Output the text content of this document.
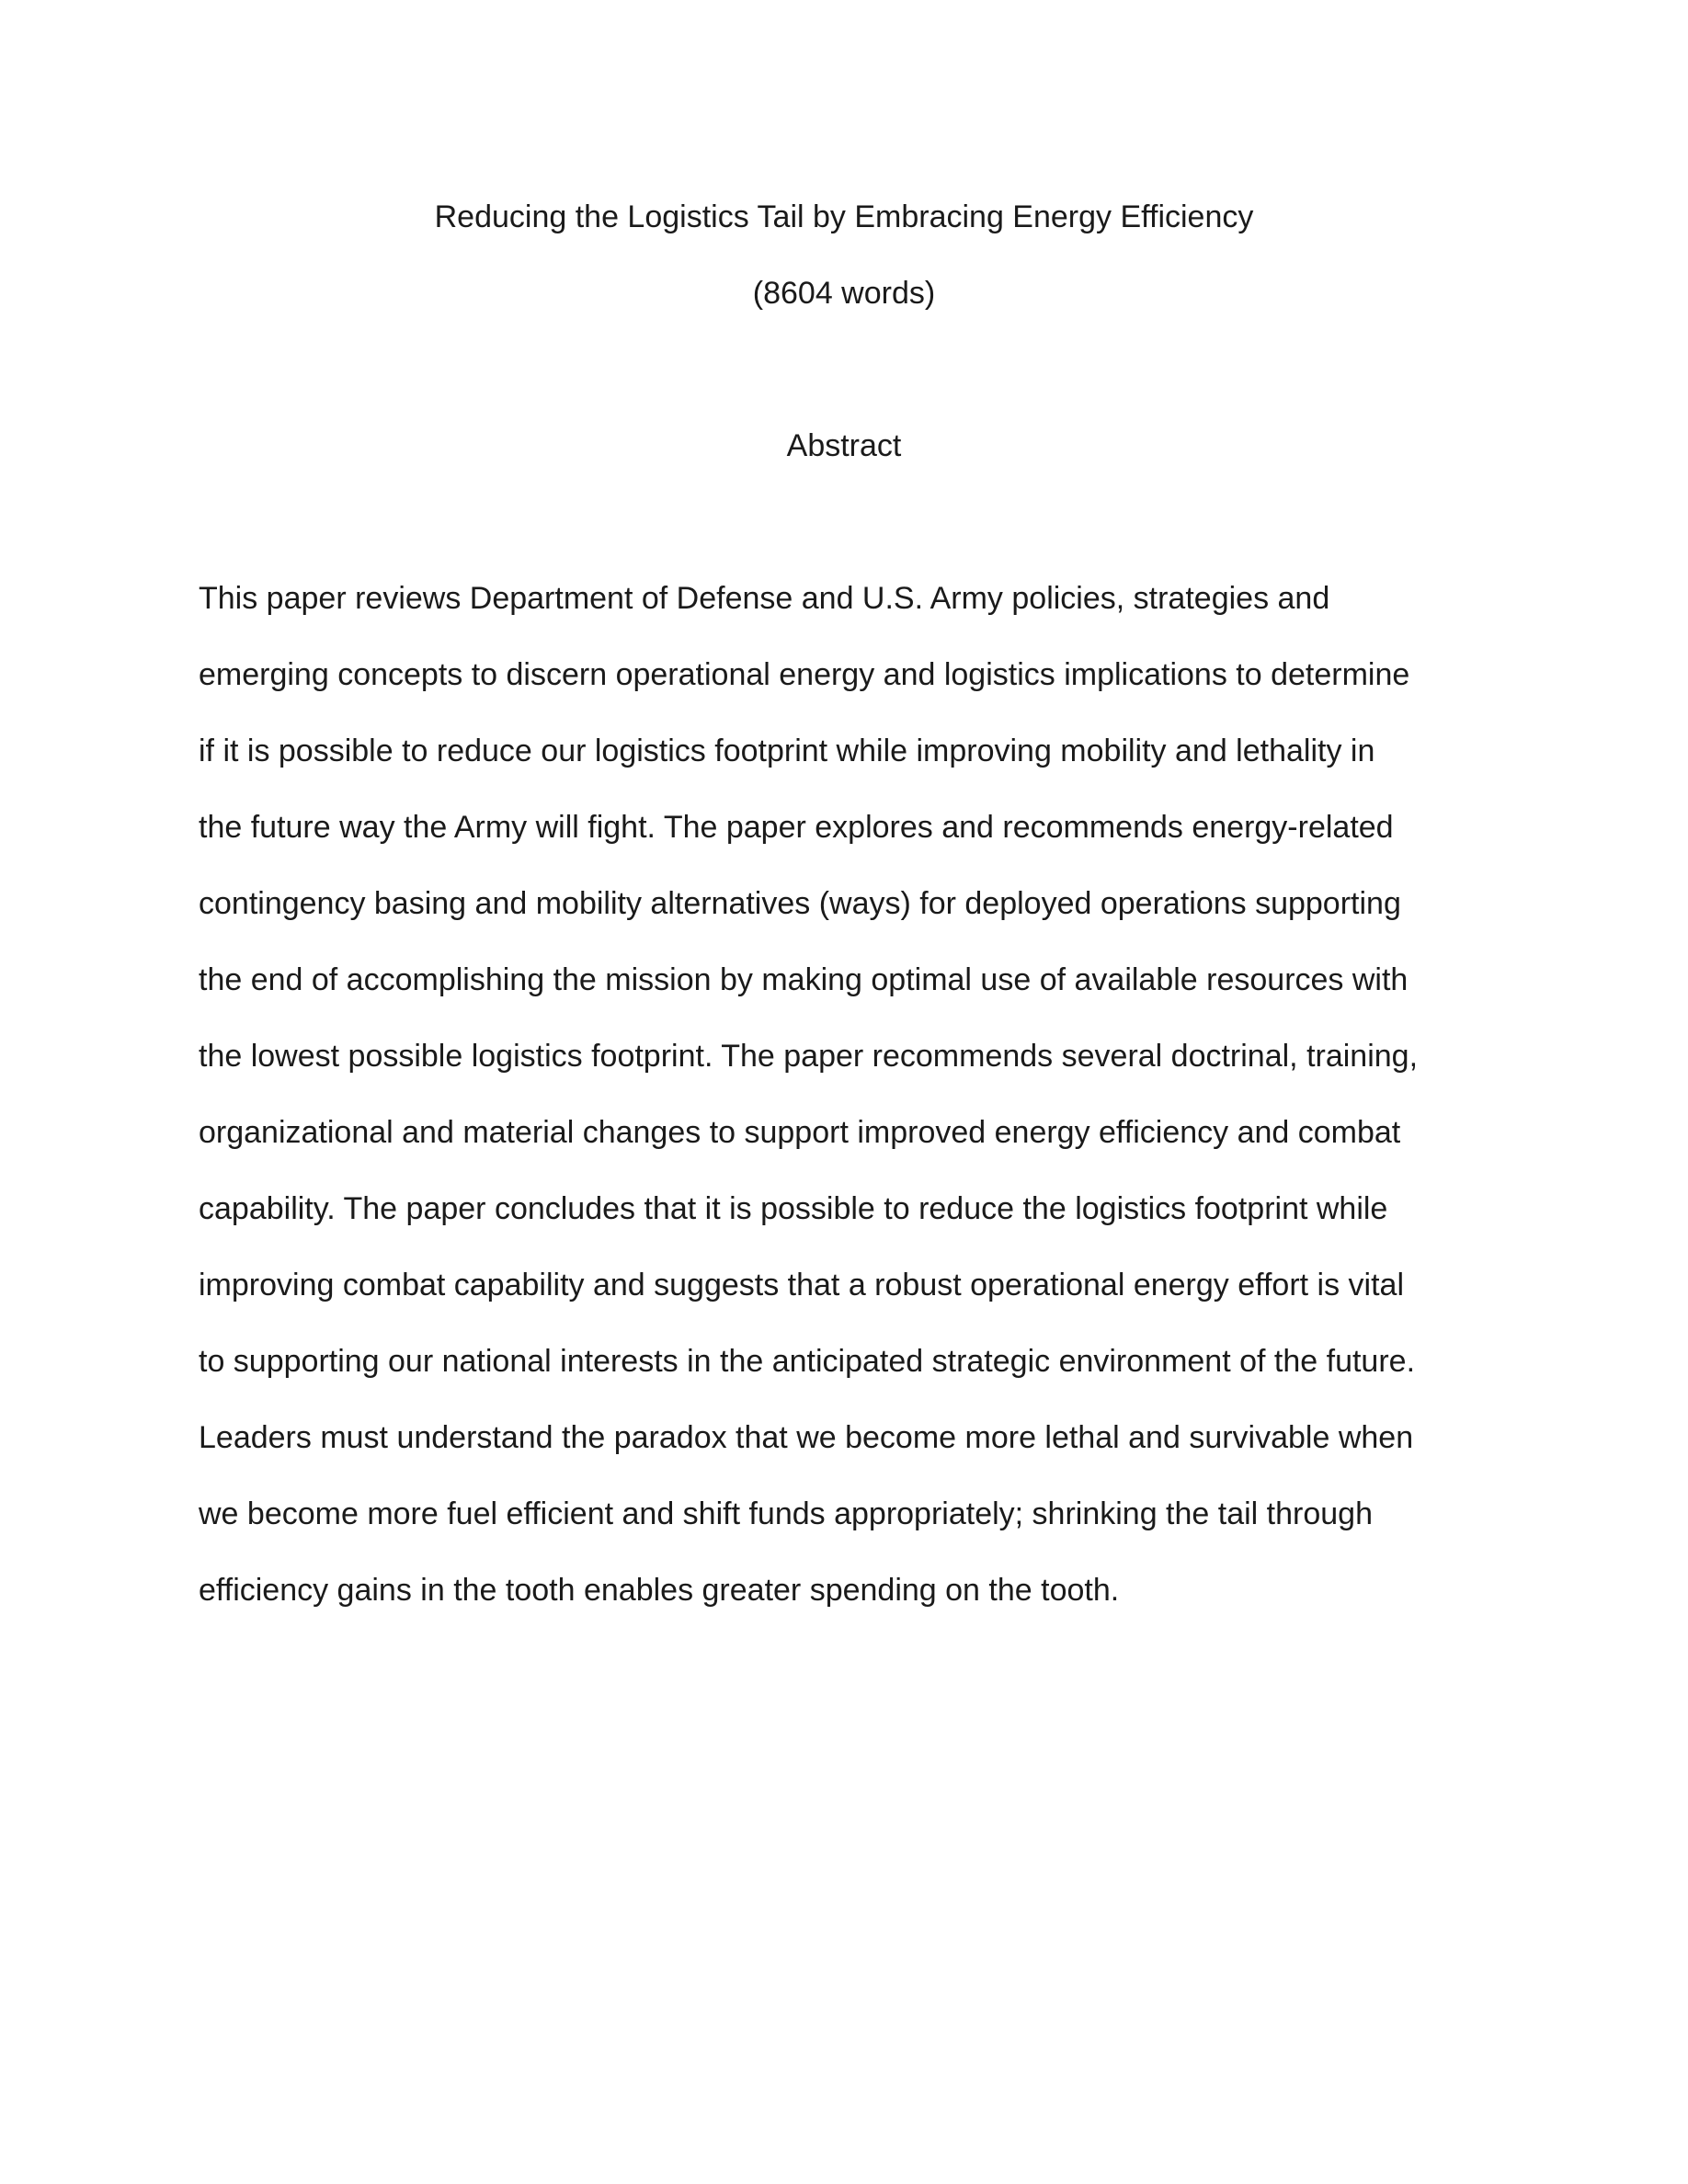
Reducing the Logistics Tail by Embracing Energy Efficiency

(8604 words)

Abstract
This paper reviews Department of Defense and U.S. Army policies, strategies and
emerging concepts to discern operational energy and logistics implications to determine
if it is possible to reduce our logistics footprint while improving mobility and lethality in
the future way the Army will fight. The paper explores and recommends energy-related
contingency basing and mobility alternatives (ways) for deployed operations supporting
the end of accomplishing the mission by making optimal use of available resources with
the lowest possible logistics footprint. The paper recommends several doctrinal, training,
organizational and material changes to support improved energy efficiency and combat
capability. The paper concludes that it is possible to reduce the logistics footprint while
improving combat capability and suggests that a robust operational energy effort is vital
to supporting our national interests in the anticipated strategic environment of the future.
Leaders must understand the paradox that we become more lethal and survivable when
we become more fuel efficient and shift funds appropriately; shrinking the tail through
efficiency gains in the tooth enables greater spending on the tooth.
